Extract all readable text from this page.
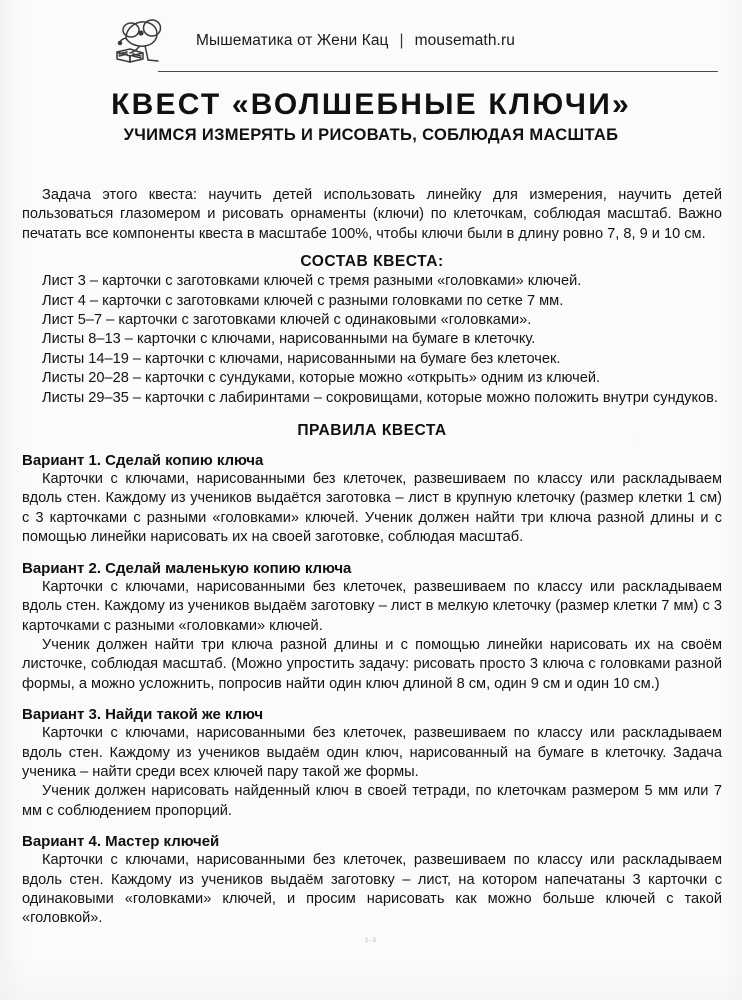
Мышематика от Жени Кац | mousemath.ru
КВЕСТ «ВОЛШЕБНЫЕ КЛЮЧИ»
УЧИМСЯ ИЗМЕРЯТЬ И РИСОВАТЬ, СОБЛЮДАЯ МАСШТАБ

Задача этого квеста: научить детей использовать линейку для измерения, научить детей пользоваться глазомером и рисовать орнаменты (ключи) по клеточкам, соблюдая масштаб. Важно печатать все компоненты квеста в масштабе 100%, чтобы ключи были в длину ровно 7, 8, 9 и 10 см.

СОСТАВ КВЕСТА:
Лист 3 – карточки с заготовками ключей с тремя разными «головками» ключей.
Лист 4 – карточки с заготовками ключей с разными головками по сетке 7 мм.
Лист 5–7 – карточки с заготовками ключей с одинаковыми «головками».
Листы 8–13 – карточки с ключами, нарисованными на бумаге в клеточку.
Листы 14–19 – карточки с ключами, нарисованными на бумаге без клеточек.
Листы 20–28 – карточки с сундуками, которые можно «открыть» одним из ключей.
Листы 29–35 – карточки с лабиринтами – сокровищами, которые можно положить внутри сундуков.
ПРАВИЛА КВЕСТА
Вариант 1. Сделай копию ключа

Карточки с ключами, нарисованными без клеточек, развешиваем по классу или раскладываем вдоль стен. Каждому из учеников выдаётся заготовка – лист в крупную клеточку (размер клетки 1 см) с 3 карточками с разными «головками» ключей. Ученик должен найти три ключа разной длины и с помощью линейки нарисовать их на своей заготовке, соблюдая масштаб.

Вариант 2. Сделай маленькую копию ключа

Карточки с ключами, нарисованными без клеточек, развешиваем по классу или раскладываем вдоль стен. Каждому из учеников выдаём заготовку – лист в мелкую клеточку (размер клетки 7 мм) с 3 карточками с разными «головками» ключей.

Ученик должен найти три ключа разной длины и с помощью линейки нарисовать их на своём листочке, соблюдая масштаб. (Можно упростить задачу: рисовать просто 3 ключа с головками разной формы, а можно усложнить, попросив найти один ключ длиной 8 см, один 9 см и один 10 см.)

Вариант 3. Найди такой же ключ

Карточки с ключами, нарисованными без клеточек, развешиваем по классу или раскладываем вдоль стен. Каждому из учеников выдаём один ключ, нарисованный на бумаге в клеточку. Задача ученика – найти среди всех ключей пару такой же формы.

Ученик должен нарисовать найденный ключ в своей тетради, по клеточкам размером 5 мм или 7 мм с соблюдением пропорций.

Вариант 4. Мастер ключей

Карточки с ключами, нарисованными без клеточек, развешиваем по классу или раскладываем вдоль стен. Каждому из учеников выдаём заготовку – лист, на котором напечатаны 3 карточки с одинаковыми «головками» ключей, и просим нарисовать как можно больше ключей с такой «головкой».

1-3
